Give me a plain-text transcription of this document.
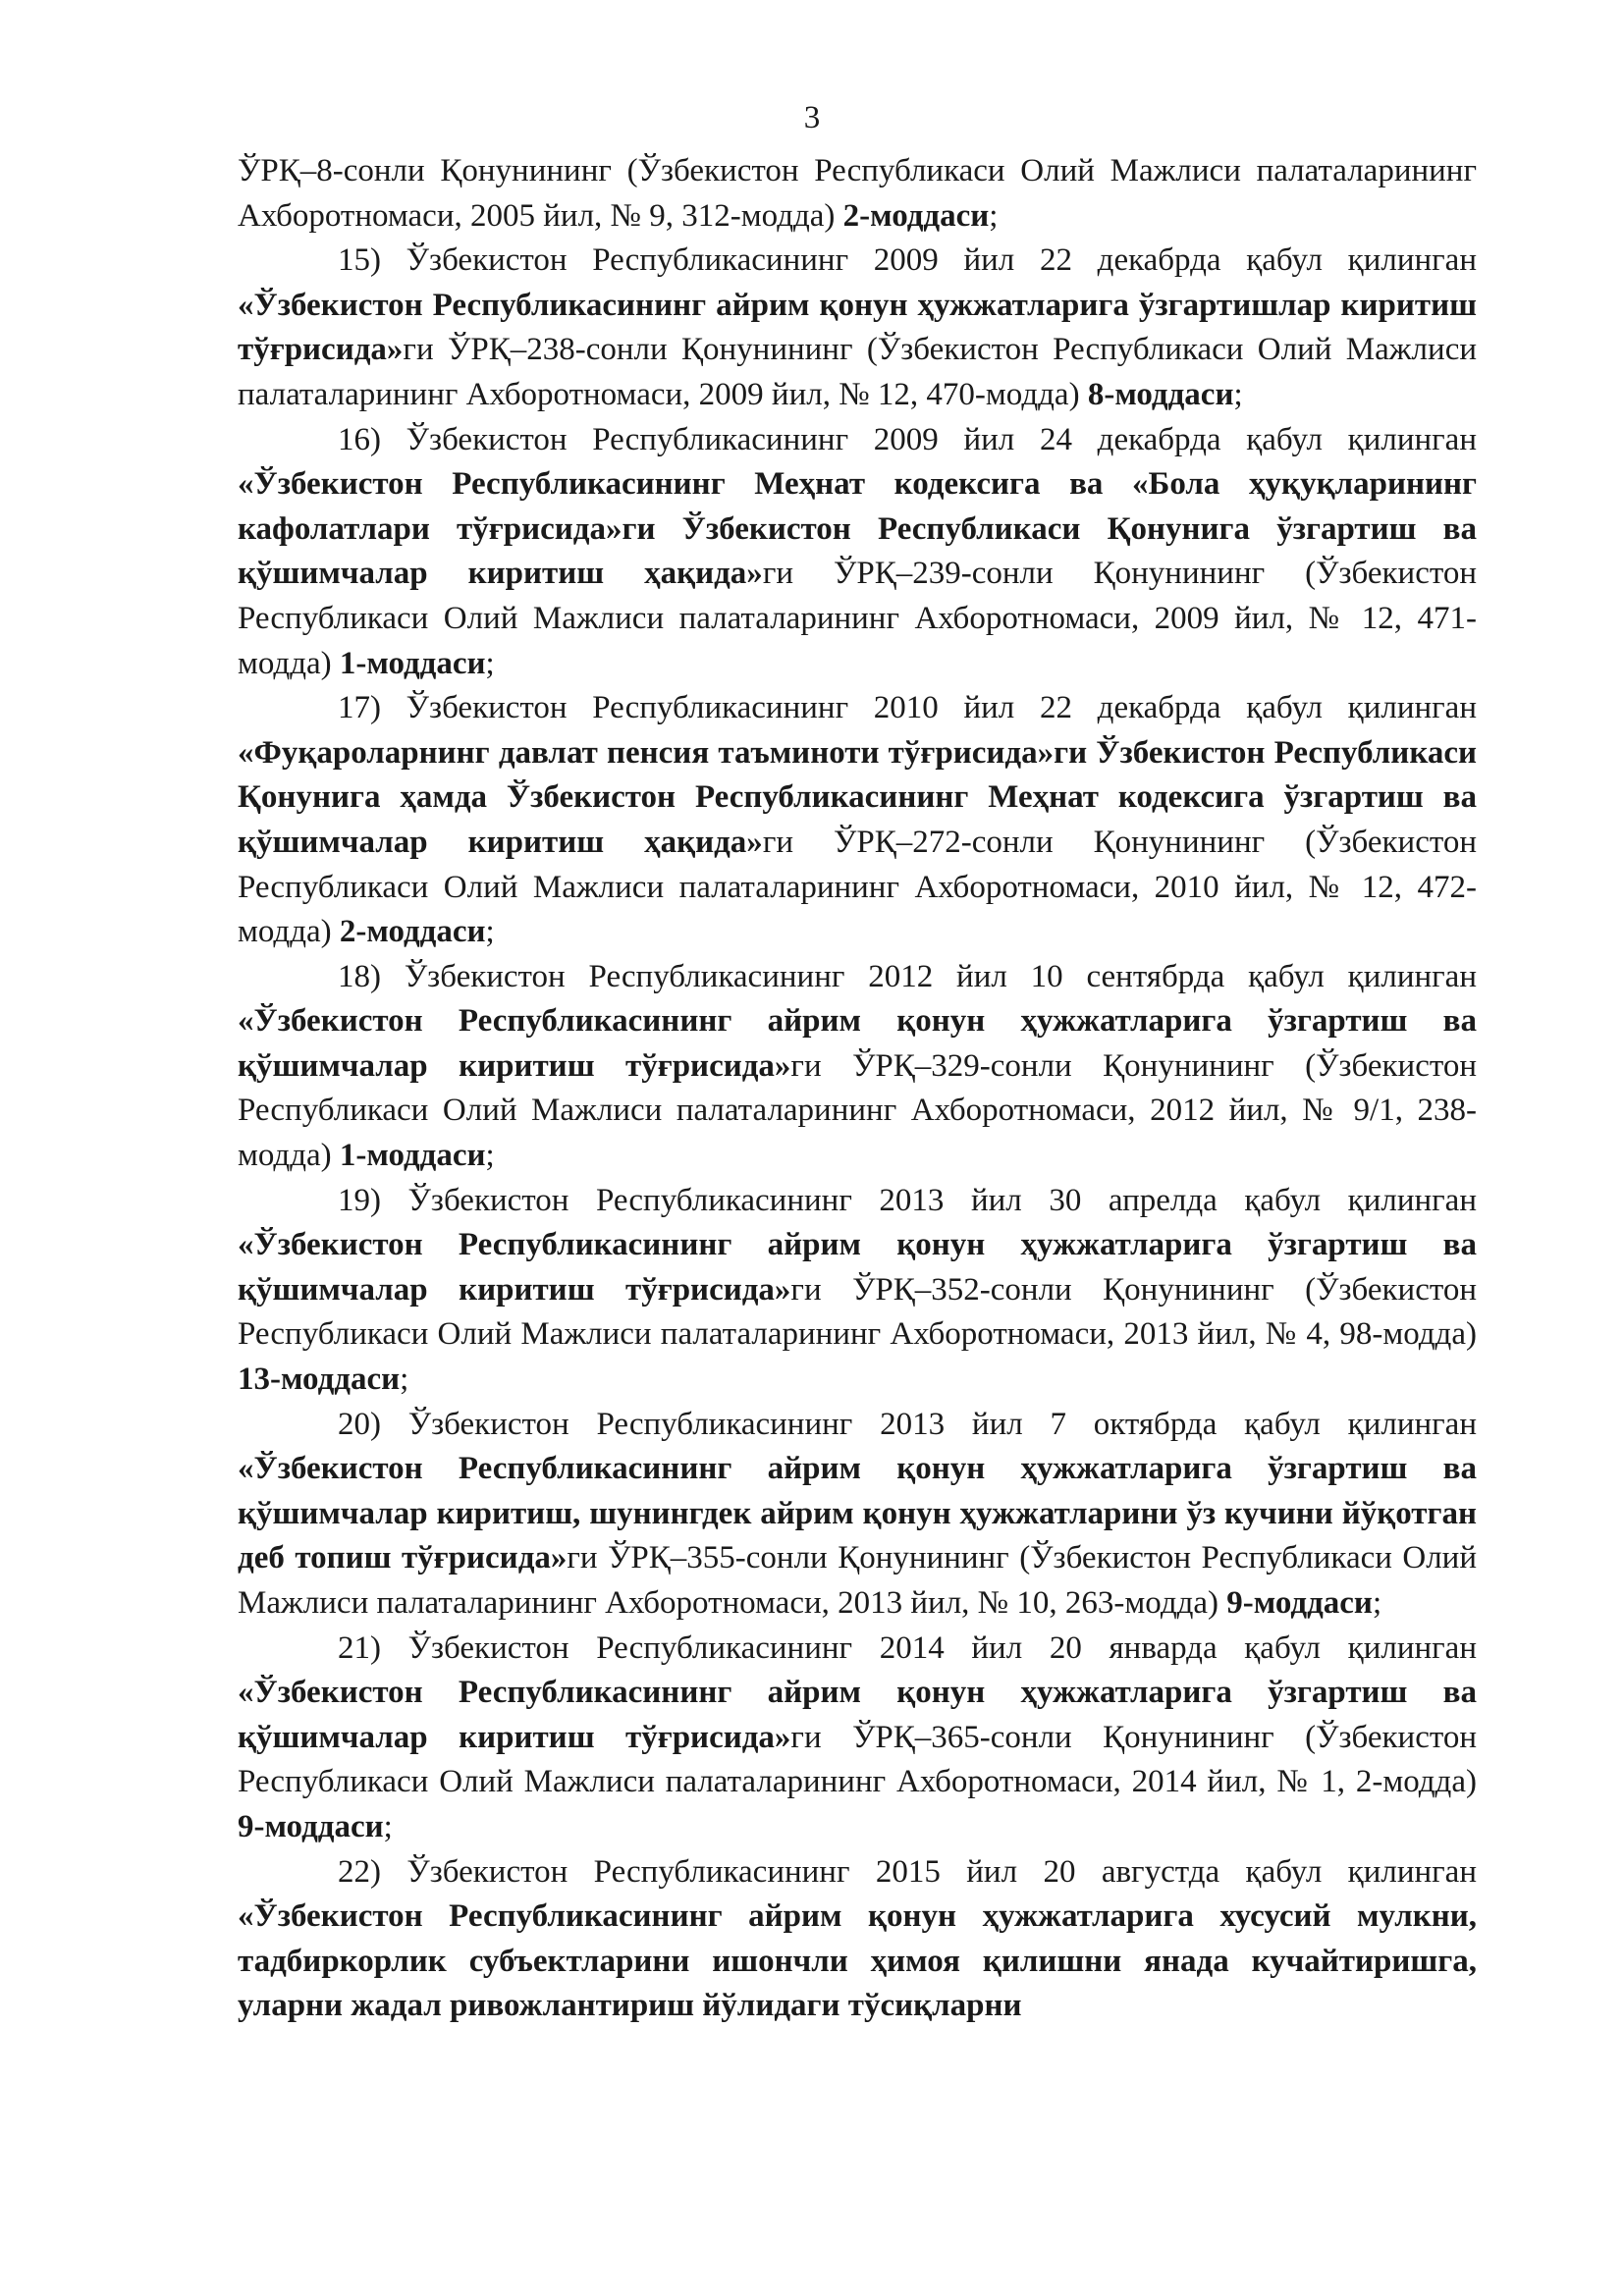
3

ЎРҚ–8-сонли Қонунининг (Ўзбекистон Республикаси Олий Мажлиси палаталарининг Ахборотномаси, 2005 йил, № 9, 312-модда) 2-моддаси;

15) Ўзбекистон Республикасининг 2009 йил 22 декабрда қабул қилинган «Ўзбекистон Республикасининг айрим қонун ҳужжатларига ўзгартишлар киритиш тўғрисида»ги ЎРҚ–238-сонли Қонунининг (Ўзбекистон Республикаси Олий Мажлиси палаталарининг Ахборотномаси, 2009 йил, № 12, 470-модда) 8-моддаси;

16) Ўзбекистон Республикасининг 2009 йил 24 декабрда қабул қилинган «Ўзбекистон Республикасининг Меҳнат кодексига ва «Бола ҳуқуқларининг кафолатлари тўғрисида»ги Ўзбекистон Республикаси Қонунига ўзгартиш ва қўшимчалар киритиш ҳақида»ги ЎРҚ–239-сонли Қонунининг (Ўзбекистон Республикаси Олий Мажлиси палаталарининг Ахборотномаси, 2009 йил, № 12, 471-модда) 1-моддаси;

17) Ўзбекистон Республикасининг 2010 йил 22 декабрда қабул қилинган «Фуқароларнинг давлат пенсия таъминоти тўғрисида»ги Ўзбекистон Республикаси Қонунига ҳамда Ўзбекистон Республикасининг Меҳнат кодексига ўзгартиш ва қўшимчалар киритиш ҳақида»ги ЎРҚ–272-сонли Қонунининг (Ўзбекистон Республикаси Олий Мажлиси палаталарининг Ахборотномаси, 2010 йил, № 12, 472-модда) 2-моддаси;

18) Ўзбекистон Республикасининг 2012 йил 10 сентябрда қабул қилинган «Ўзбекистон Республикасининг айрим қонун ҳужжатларига ўзгартиш ва қўшимчалар киритиш тўғрисида»ги ЎРҚ–329-сонли Қонунининг (Ўзбекистон Республикаси Олий Мажлиси палаталарининг Ахборотномаси, 2012 йил, № 9/1, 238-модда) 1-моддаси;

19) Ўзбекистон Республикасининг 2013 йил 30 апрелда қабул қилинган «Ўзбекистон Республикасининг айрим қонун ҳужжатларига ўзгартиш ва қўшимчалар киритиш тўғрисида»ги ЎРҚ–352-сонли Қонунининг (Ўзбекистон Республикаси Олий Мажлиси палаталарининг Ахборотномаси, 2013 йил, № 4, 98-модда) 13-моддаси;

20) Ўзбекистон Республикасининг 2013 йил 7 октябрда қабул қилинган «Ўзбекистон Республикасининг айрим қонун ҳужжатларига ўзгартиш ва қўшимчалар киритиш, шунингдек айрим қонун ҳужжатларини ўз кучини йўқотган деб топиш тўғрисида»ги ЎРҚ–355-сонли Қонунининг (Ўзбекистон Республикаси Олий Мажлиси палаталарининг Ахборотномаси, 2013 йил, № 10, 263-модда) 9-моддаси;

21) Ўзбекистон Республикасининг 2014 йил 20 январда қабул қилинган «Ўзбекистон Республикасининг айрим қонун ҳужжатларига ўзгартиш ва қўшимчалар киритиш тўғрисида»ги ЎРҚ–365-сонли Қонунининг (Ўзбекистон Республикаси Олий Мажлиси палаталарининг Ахборотномаси, 2014 йил, № 1, 2-модда) 9-моддаси;

22) Ўзбекистон Республикасининг 2015 йил 20 августда қабул қилинган «Ўзбекистон Республикасининг айрим қонун ҳужжатларига хусусий мулкни, тадбиркорлик субъектларини ишончли ҳимоя қилишни янада кучайтиришга, уларни жадал ривожлантириш йўлидаги тўсиқларни
